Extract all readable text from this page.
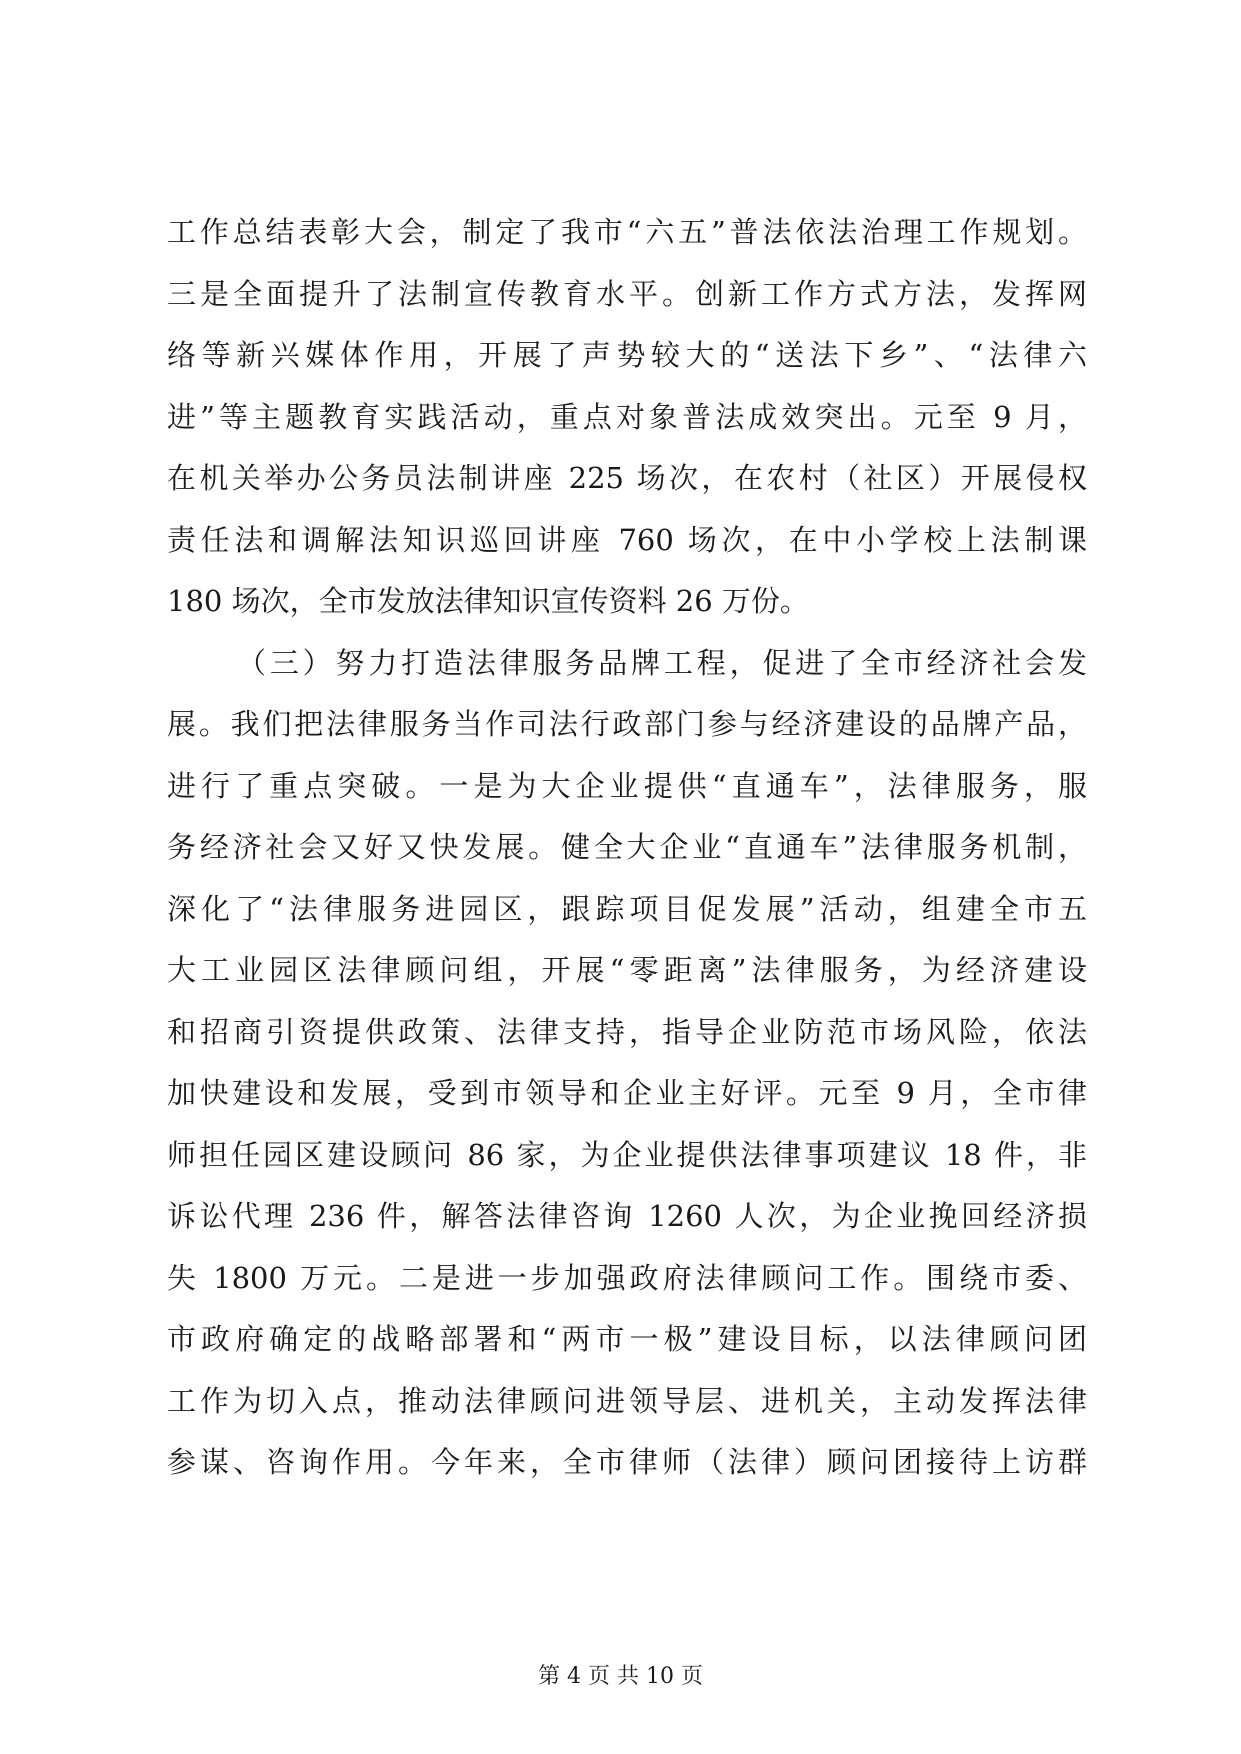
工作总结表彰大会，制定了我市“六五”普法依法治理工作规划。
三是全面提升了法制宣传教育水平。创新工作方式方法，发挥网
络等新兴媒体作用，开展了声势较大的“送法下乡”、“法律六
进”等主题教育实践活动，重点对象普法成效突出。元至 9 月，
在机关举办公务员法制讲座 225 场次，在农村（社区）开展侵权
责任法和调解法知识巡回讲座 760 场次，在中小学校上法制课
180 场次，全市发放法律知识宣传资料 26 万份。
（三）努力打造法律服务品牌工程，促进了全市经济社会发
展。我们把法律服务当作司法行政部门参与经济建设的品牌产品，
进行了重点突破。一是为大企业提供“直通车”，法律服务，服
务经济社会又好又快发展。健全大企业“直通车”法律服务机制，
深化了“法律服务进园区，跟踪项目促发展”活动，组建全市五
大工业园区法律顾问组，开展“零距离”法律服务，为经济建设
和招商引资提供政策、法律支持，指导企业防范市场风险，依法
加快建设和发展，受到市领导和企业主好评。元至 9 月，全市律
师担任园区建设顾问 86 家，为企业提供法律事项建议 18 件，非
诉讼代理 236 件，解答法律咨询 1260 人次，为企业挽回经济损
失 1800 万元。二是进一步加强政府法律顾问工作。围绕市委、
市政府确定的战略部署和“两市一极”建设目标，以法律顾问团
工作为切入点，推动法律顾问进领导层、进机关，主动发挥法律
参谋、咨询作用。今年来，全市律师（法律）顾问团接待上访群
第 4 页 共 10 页
